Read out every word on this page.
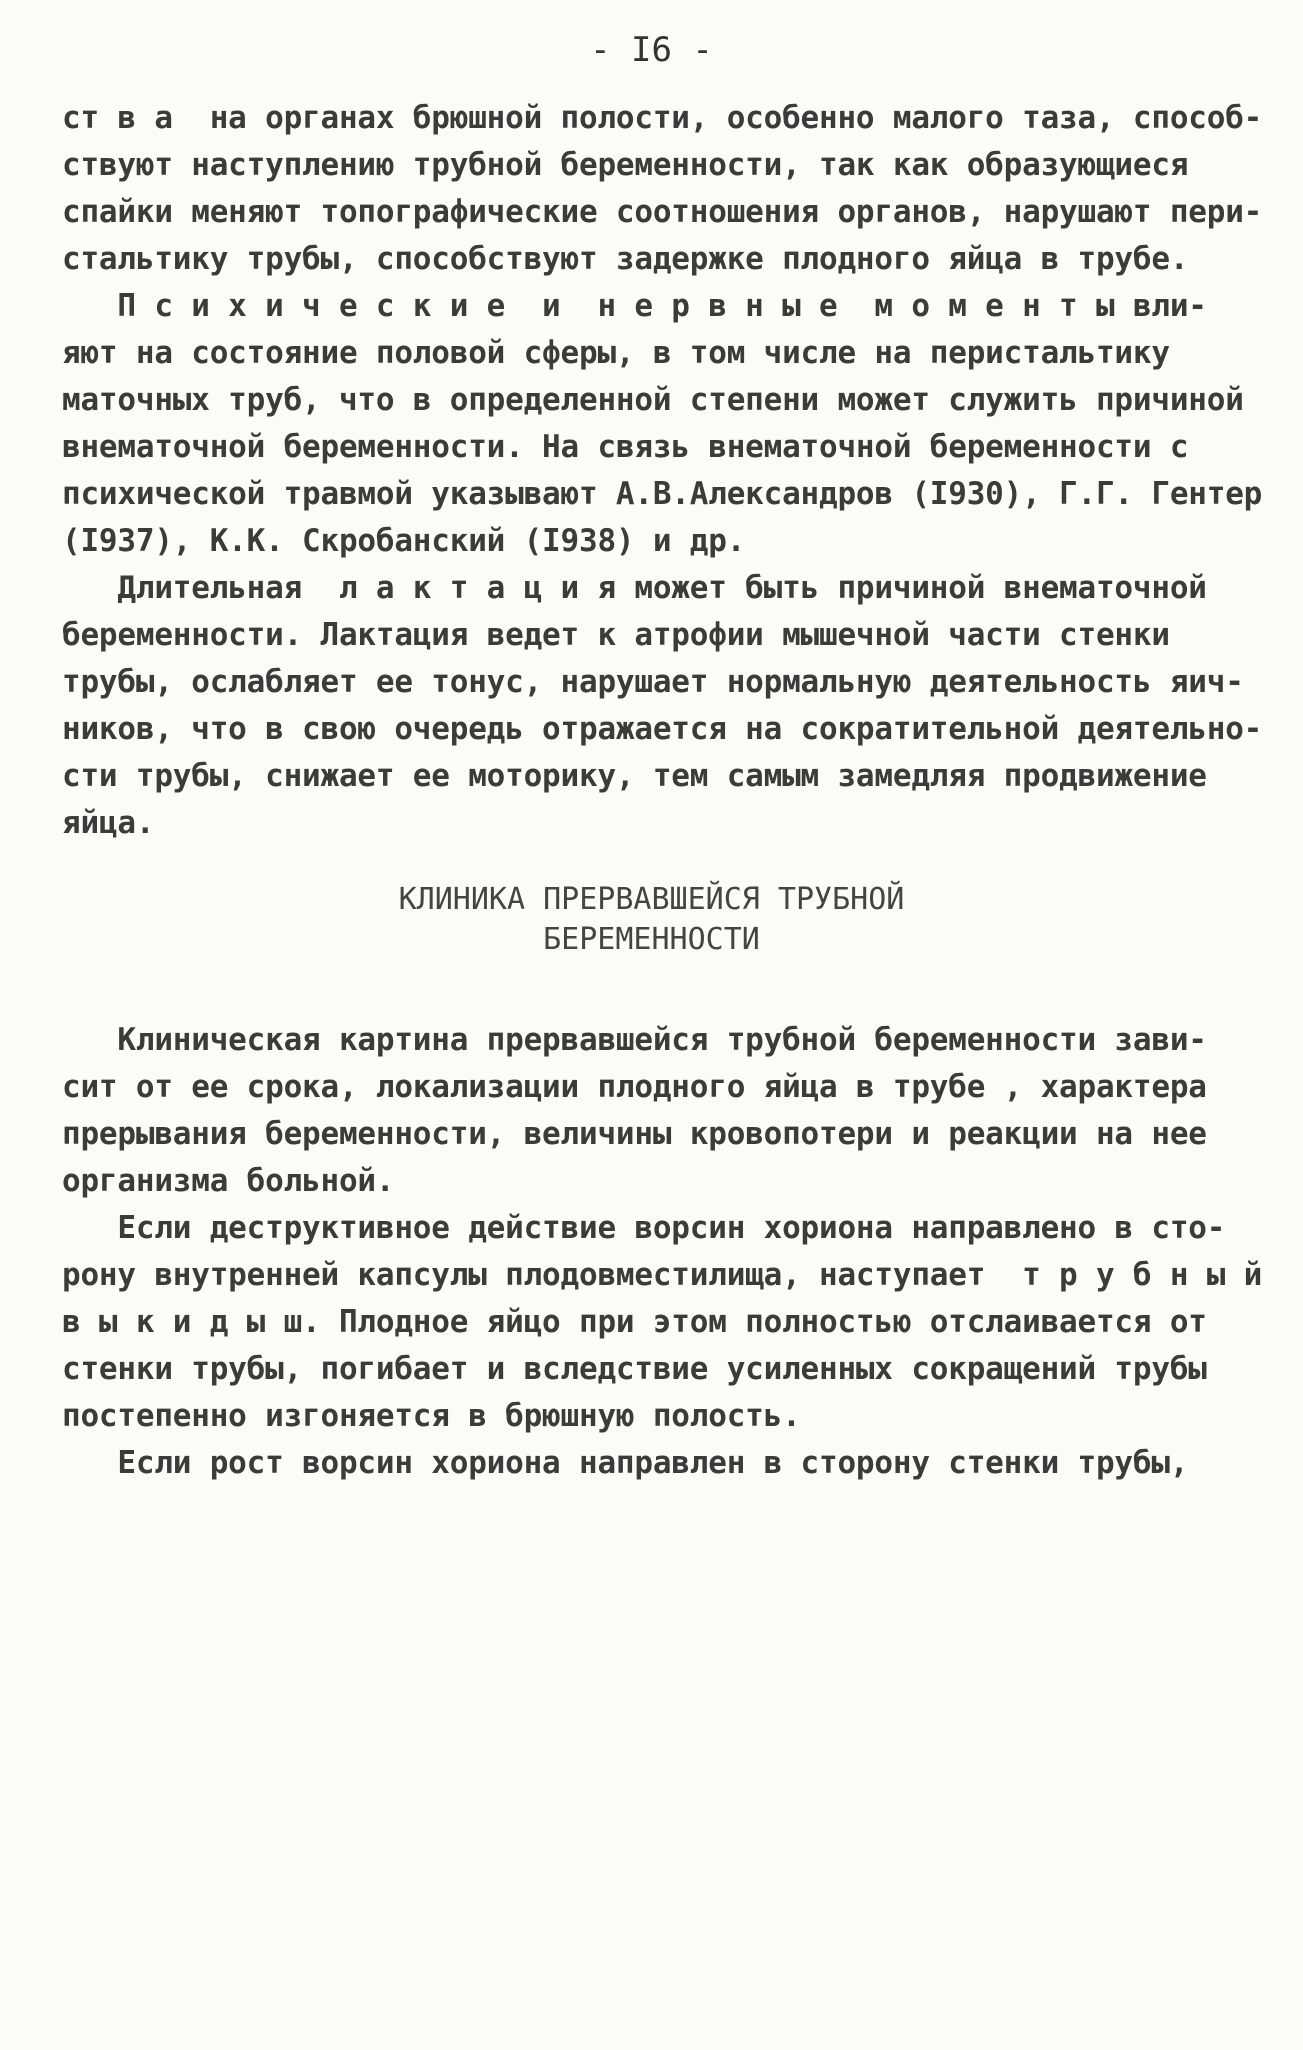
- I6 -
ст в а  на органах брюшной полости, особенно малого таза, способ-
ствуют наступлению трубной беременности, так как образующиеся
спайки меняют топографические соотношения органов, нарушают пери-
стальтику трубы, способствуют задержке плодного яйца в трубе.
П с и х и ч е с к и е  и  н е р в н ы е  м о м е н т ы вли-
яют на состояние половой сферы, в том числе на перистальтику
маточных труб, что в определенной степени может служить причиной
внематочной беременности. На связь внематочной беременности с
психической травмой указывают А.В.Александров (I930), Г.Г. Гентер
(I937), К.К. Скробанский (I938) и др.
Длительная  л а к т а ц и я может быть причиной внематочной
беременности. Лактация ведет к атрофии мышечной части стенки
трубы, ослабляет ее тонус, нарушает нормальную деятельность яич-
ников, что в свою очередь отражается на сократительной деятельно-
сти трубы, снижает ее моторику, тем самым замедляя продвижение
яйца.
КЛИНИКА ПРЕРВАВШЕЙСЯ ТРУБНОЙ
БЕРЕМЕННОСТИ
Клиническая картина прервавшейся трубной беременности зави-
сит от ее срока, локализации плодного яйца в трубе , характера
прерывания беременности, величины кровопотери и реакции на нее
организма больной.
Если деструктивное действие ворсин хориона направлено в сто-
рону внутренней капсулы плодовместилища, наступает  т р у б н ы й
в ы к и д ы ш. Плодное яйцо при этом полностью отслаивается от
стенки трубы, погибает и вследствие усиленных сокращений трубы
постепенно изгоняется в брюшную полость.
Если рост ворсин хориона направлен в сторону стенки трубы,
